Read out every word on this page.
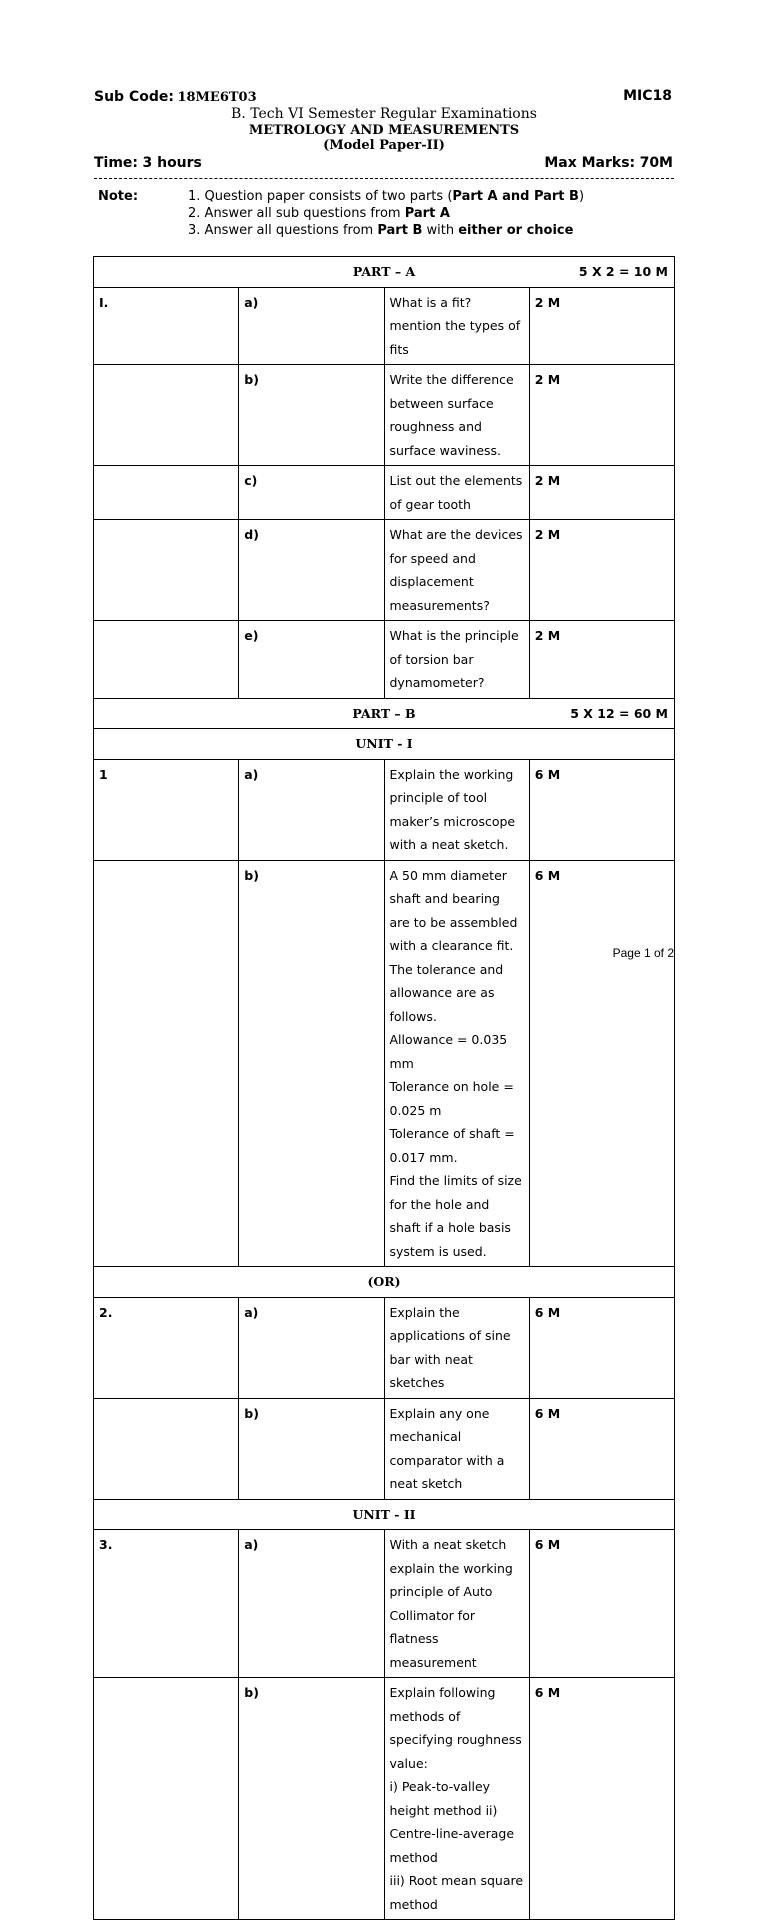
Sub Code: 18ME6T03	MIC18
B. Tech VI Semester Regular Examinations
METROLOGY AND MEASUREMENTS
(Model Paper-II)
Time: 3 hours	Max Marks: 70M
Note:	1. Question paper consists of two parts (Part A and Part B)
2. Answer all sub questions from Part A
3. Answer all questions from Part B with either or choice
PART – A 5 X 2 = 10 M			

I.	a)	What is a fit? mention the types of fits	2 M
	b)	Write the difference between surface roughness and surface waviness.	2 M
	c)	List out the elements of gear tooth	2 M
	d)	What are the devices for speed and displacement measurements?	2 M
	e)	What is the principle of torsion bar dynamometer?	2 M
PART – B 5 X 12 = 60 M			

UNIT - I			
1	a)	Explain the working principle of tool maker’s microscope with a neat sketch.	6 M
	b)	A 50 mm diameter shaft and bearing are to be assembled with a clearance fit. The tolerance and allowance are as follows.
Allowance = 0.035 mm
Tolerance on hole = 0.025 m
Tolerance of shaft = 0.017 mm.
Find the limits of size for the hole and shaft if a hole basis system is used.	6 M
(OR)			
2.	a)	Explain the applications of sine bar with neat sketches	6 M
	b)	Explain any one mechanical comparator with a neat sketch	6 M
UNIT - II			
3.	a)	With a neat sketch explain the working principle of Auto Collimator for flatness measurement	6 M
	b)	Explain following methods of specifying roughness value:
i) Peak-to-valley height method ii) Centre-line-average method
iii) Root mean square method	6 M
Page 1 of 2
